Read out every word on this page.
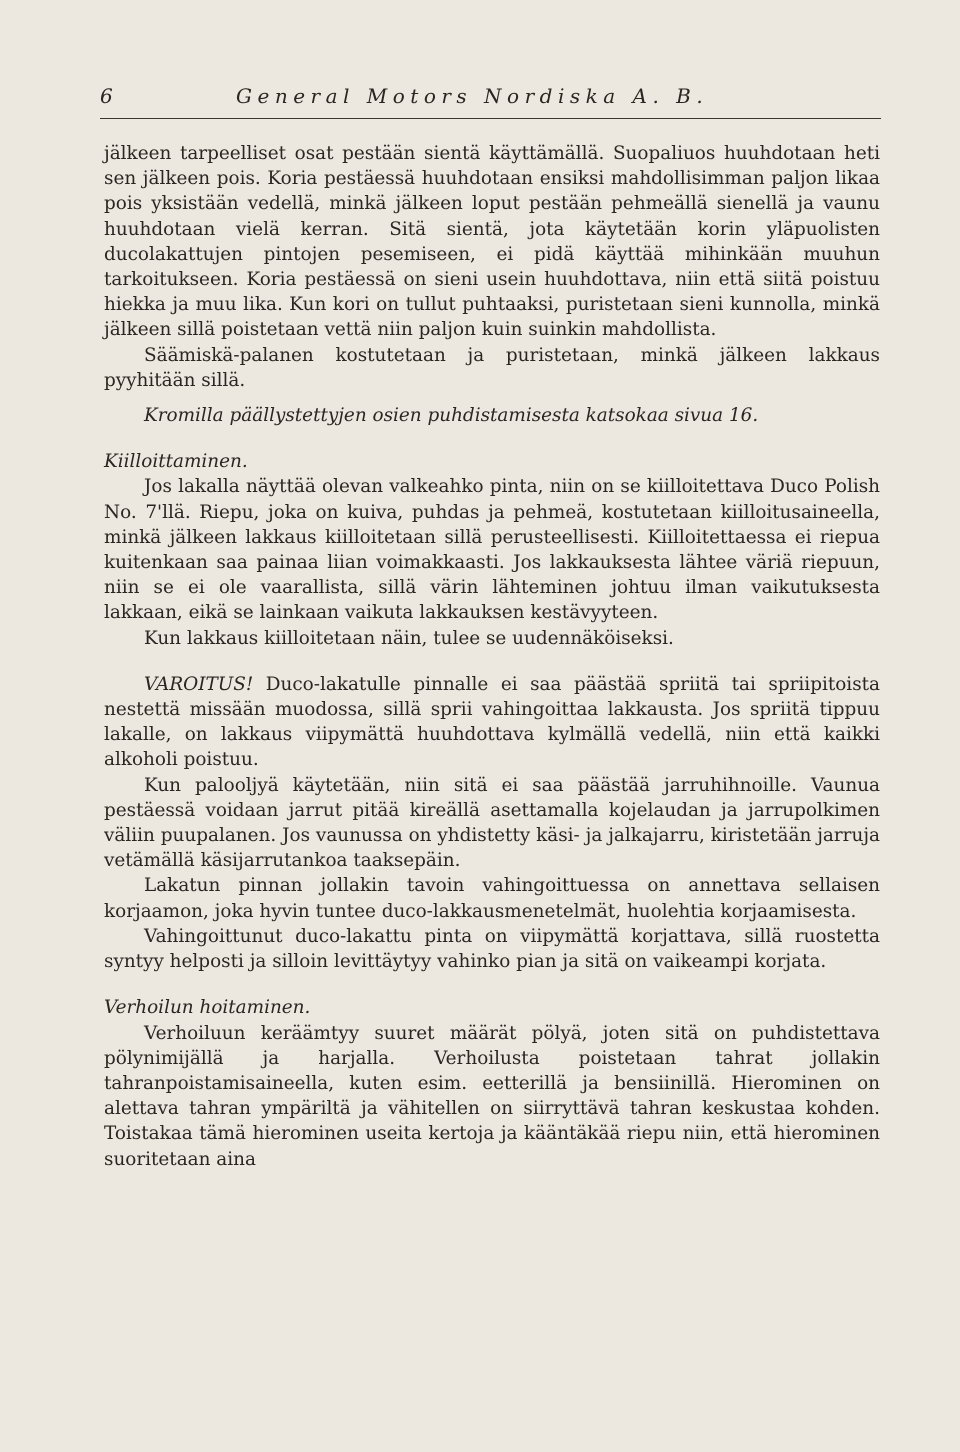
6	General Motors Nordiska A. B.

jälkeen tarpeelliset osat pestään sientä käyttämällä. Suopaliuos huuhdotaan heti sen jälkeen pois. Koria pestäessä huuhdotaan ensiksi mahdollisimman paljon likaa pois yksistään vedellä, minkä jälkeen loput pestään pehmeällä sienellä ja vaunu huuhdotaan vielä kerran. Sitä sientä, jota käytetään korin yläpuolisten ducolakattujen pintojen pesemiseen, ei pidä käyttää mihinkään muuhun tarkoitukseen. Koria pestäessä on sieni usein huuhdottava, niin että siitä poistuu hiekka ja muu lika. Kun kori on tullut puhtaaksi, puristetaan sieni kunnolla, minkä jälkeen sillä poistetaan vettä niin paljon kuin suinkin mahdollista.

Säämiskä-palanen kostutetaan ja puristetaan, minkä jälkeen lakkaus pyyhitään sillä.

Kromilla päällystettyjen osien puhdistamisesta katsokaa sivua 16.

Kiilloittaminen.

Jos lakalla näyttää olevan valkeahko pinta, niin on se kiilloitettava Duco Polish No. 7'llä. Riepu, joka on kuiva, puhdas ja pehmeä, kostutetaan kiilloitusaineella, minkä jälkeen lakkaus kiilloitetaan sillä perusteellisesti. Kiilloitettaessa ei riepua kuitenkaan saa painaa liian voimakkaasti. Jos lakkauksesta lähtee väriä riepuun, niin se ei ole vaarallista, sillä värin lähteminen johtuu ilman vaikutuksesta lakkaan, eikä se lainkaan vaikuta lakkauksen kestävyyteen.

Kun lakkaus kiilloitetaan näin, tulee se uudennäköiseksi.

VAROITUS! Duco-lakatulle pinnalle ei saa päästää spriitä tai spriipitoista nestettä missään muodossa, sillä sprii vahingoittaa lakkausta. Jos spriitä tippuu lakalle, on lakkaus viipymättä huuhdottava kylmällä vedellä, niin että kaikki alkoholi poistuu.

Kun palooljyä käytetään, niin sitä ei saa päästää jarruhihnoille. Vaunua pestäessä voidaan jarrut pitää kireällä asettamalla kojelaudan ja jarrupolkimen väliin puupalanen. Jos vaunussa on yhdistetty käsi- ja jalkajarru, kiristetään jarruja vetämällä käsijarrutankoa taaksepäin.

Lakatun pinnan jollakin tavoin vahingoittuessa on annettava sellaisen korjaamon, joka hyvin tuntee duco-lakkausmenetelmät, huolehtia korjaamisesta.

Vahingoittunut duco-lakattu pinta on viipymättä korjattava, sillä ruostetta syntyy helposti ja silloin levittäytyy vahinko pian ja sitä on vaikeampi korjata.

Verhoilun hoitaminen.

Verhoiluun keräämtyy suuret määrät pölyä, joten sitä on puhdistettava pölynimijällä ja harjalla. Verhoilusta poistetaan tahrat jollakin tahranpoistamisaineella, kuten esim. eetterillä ja bensiinillä. Hierominen on alettava tahran ympäriltä ja vähitellen on siirryttävä tahran keskustaa kohden. Toistakaa tämä hierominen useita kertoja ja kääntäkää riepu niin, että hierominen suoritetaan aina
